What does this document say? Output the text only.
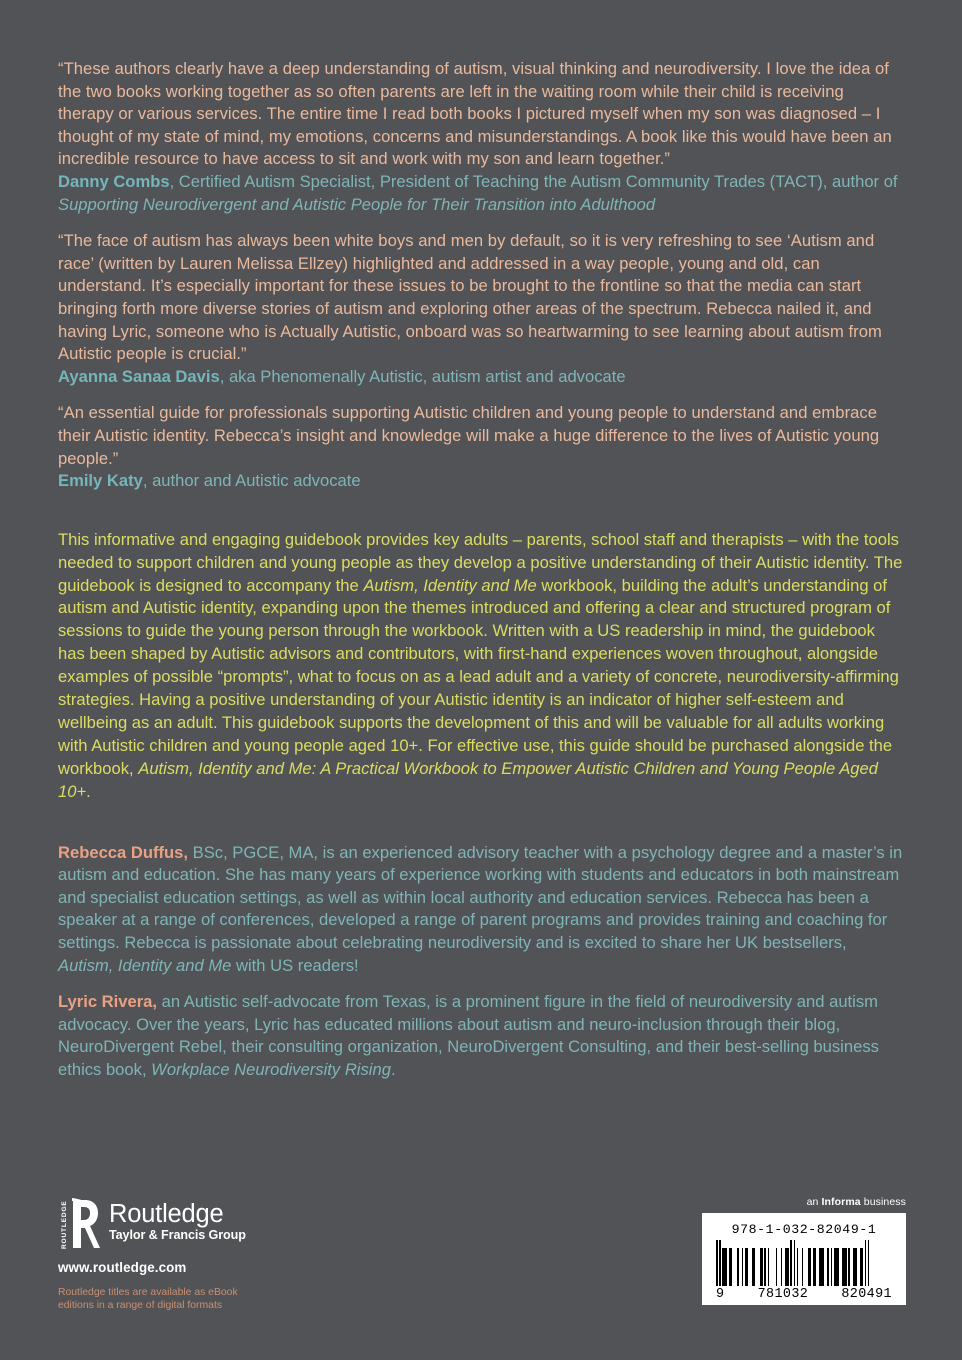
“These authors clearly have a deep understanding of autism, visual thinking and neurodiversity. I love the idea of the two books working together as so often parents are left in the waiting room while their child is receiving therapy or various services. The entire time I read both books I pictured myself when my son was diagnosed – I thought of my state of mind, my emotions, concerns and misunderstandings. A book like this would have been an incredible resource to have access to sit and work with my son and learn together.”
Danny Combs, Certified Autism Specialist, President of Teaching the Autism Community Trades (TACT), author of Supporting Neurodivergent and Autistic People for Their Transition into Adulthood
“The face of autism has always been white boys and men by default, so it is very refreshing to see ‘Autism and race’ (written by Lauren Melissa Ellzey) highlighted and addressed in a way people, young and old, can understand. It’s especially important for these issues to be brought to the frontline so that the media can start bringing forth more diverse stories of autism and exploring other areas of the spectrum. Rebecca nailed it, and having Lyric, someone who is Actually Autistic, onboard was so heartwarming to see learning about autism from Autistic people is crucial.”
Ayanna Sanaa Davis, aka Phenomenally Autistic, autism artist and advocate
“An essential guide for professionals supporting Autistic children and young people to understand and embrace their Autistic identity. Rebecca’s insight and knowledge will make a huge difference to the lives of Autistic young people.”
Emily Katy, author and Autistic advocate
This informative and engaging guidebook provides key adults – parents, school staff and therapists – with the tools needed to support children and young people as they develop a positive understanding of their Autistic identity. The guidebook is designed to accompany the Autism, Identity and Me workbook, building the adult’s understanding of autism and Autistic identity, expanding upon the themes introduced and offering a clear and structured program of sessions to guide the young person through the workbook. Written with a US readership in mind, the guidebook has been shaped by Autistic advisors and contributors, with first-hand experiences woven throughout, alongside examples of possible “prompts”, what to focus on as a lead adult and a variety of concrete, neurodiversity-affirming strategies. Having a positive understanding of your Autistic identity is an indicator of higher self-esteem and wellbeing as an adult. This guidebook supports the development of this and will be valuable for all adults working with Autistic children and young people aged 10+. For effective use, this guide should be purchased alongside the workbook, Autism, Identity and Me: A Practical Workbook to Empower Autistic Children and Young People Aged 10+.
Rebecca Duffus, BSc, PGCE, MA, is an experienced advisory teacher with a psychology degree and a master’s in autism and education. She has many years of experience working with students and educators in both mainstream and specialist education settings, as well as within local authority and education services. Rebecca has been a speaker at a range of conferences, developed a range of parent programs and provides training and coaching for settings. Rebecca is passionate about celebrating neurodiversity and is excited to share her UK bestsellers, Autism, Identity and Me with US readers!
Lyric Rivera, an Autistic self-advocate from Texas, is a prominent figure in the field of neurodiversity and autism advocacy. Over the years, Lyric has educated millions about autism and neuro-inclusion through their blog, NeuroDivergent Rebel, their consulting organization, NeuroDivergent Consulting, and their best-selling business ethics book, Workplace Neurodiversity Rising.
ROUTLEDGE Routledge
Taylor & Francis Group
www.routledge.com
Routledge titles are available as eBook
editions in a range of digital formats
an Informa business
978-1-032-82049-1
9 781032 820491
